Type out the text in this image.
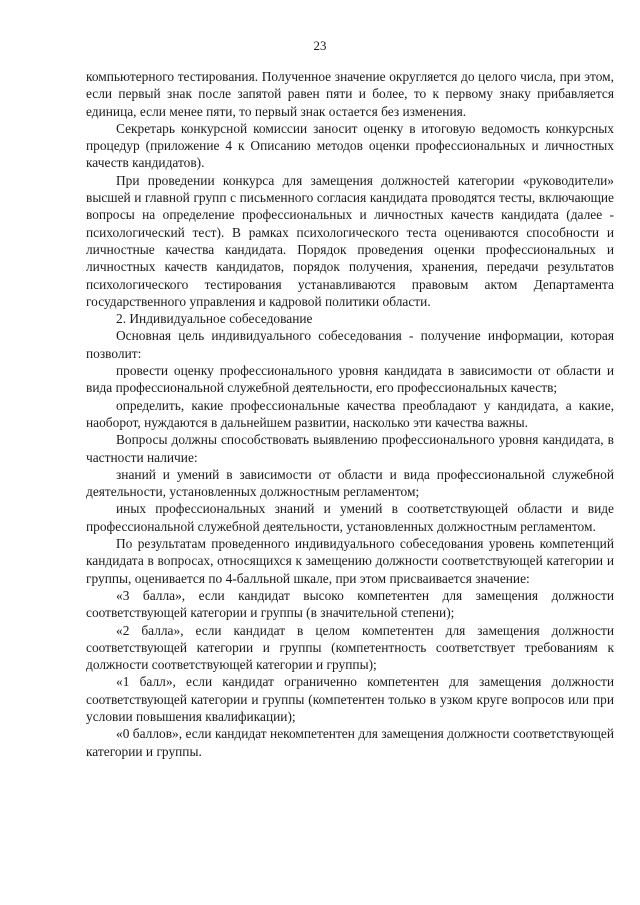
23

компьютерного тестирования. Полученное значение округляется до целого числа, при этом, если первый знак после запятой равен пяти и более, то к первому знаку прибавляется единица, если менее пяти, то первый знак остается без изменения.

Секретарь конкурсной комиссии заносит оценку в итоговую ведомость конкурсных процедур (приложение 4 к Описанию методов оценки профессиональных и личностных качеств кандидатов).

При проведении конкурса для замещения должностей категории «руководители» высшей и главной групп с письменного согласия кандидата проводятся тесты, включающие вопросы на определение профессиональных и личностных качеств кандидата (далее - психологический тест). В рамках психологического теста оцениваются способности и личностные качества кандидата. Порядок проведения оценки профессиональных и личностных качеств кандидатов, порядок получения, хранения, передачи результатов психологического тестирования устанавливаются правовым актом Департамента государственного управления и кадровой политики области.

2. Индивидуальное собеседование

Основная цель индивидуального собеседования - получение информации, которая позволит:

провести оценку профессионального уровня кандидата в зависимости от области и вида профессиональной служебной деятельности, его профессиональных качеств;

определить, какие профессиональные качества преобладают у кандидата, а какие, наоборот, нуждаются в дальнейшем развитии, насколько эти качества важны.

Вопросы должны способствовать выявлению профессионального уровня кандидата, в частности наличие:

знаний и умений в зависимости от области и вида профессиональной служебной деятельности, установленных должностным регламентом;

иных профессиональных знаний и умений в соответствующей области и виде профессиональной служебной деятельности, установленных должностным регламентом.

По результатам проведенного индивидуального собеседования уровень компетенций кандидата в вопросах, относящихся к замещению должности соответствующей категории и группы, оценивается по 4-балльной шкале, при этом присваивается значение:

«3 балла», если кандидат высоко компетентен для замещения должности соответствующей категории и группы (в значительной степени);

«2 балла», если кандидат в целом компетентен для замещения должности соответствующей категории и группы (компетентность соответствует требованиям к должности соответствующей категории и группы);

«1 балл», если кандидат ограниченно компетентен для замещения должности соответствующей категории и группы (компетентен только в узком круге вопросов или при условии повышения квалификации);

«0 баллов», если кандидат некомпетентен для замещения должности соответствующей категории и группы.
